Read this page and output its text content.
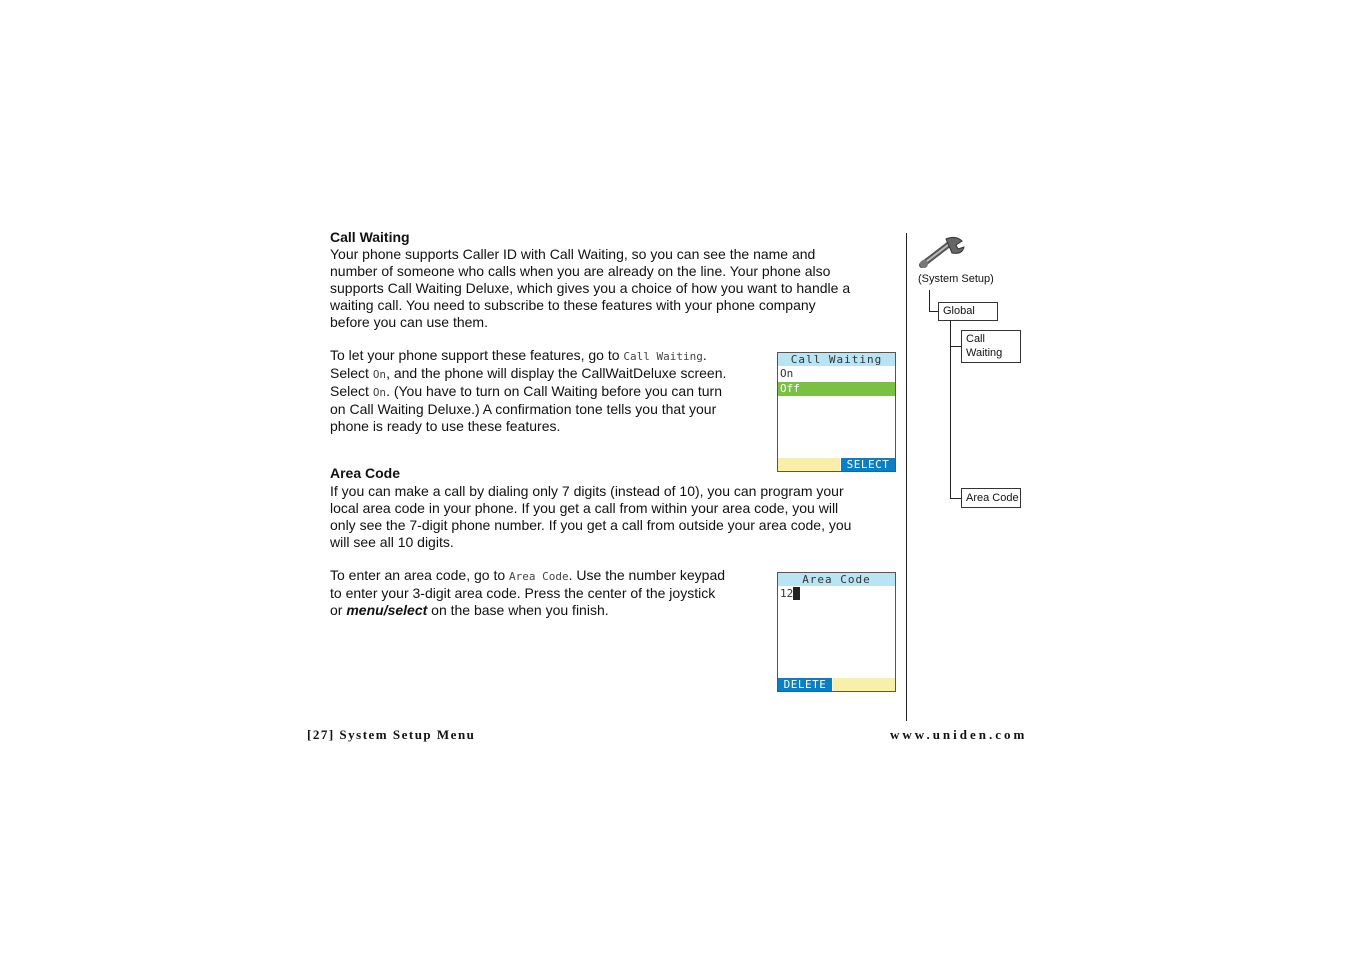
Call Waiting

Your phone supports Caller ID with Call Waiting, so you can see the name and

number of someone who calls when you are already on the line. Your phone also

supports Call Waiting Deluxe, which gives you a choice of how you want to handle a

waiting call. You need to subscribe to these features with your phone company

before you can use them.

To let your phone support these features, go to Call Waiting.

Select On, and the phone will display the CallWaitDeluxe screen.

Select On. (You have to turn on Call Waiting before you can turn

on Call Waiting Deluxe.) A confirmation tone tells you that your

phone is ready to use these features.

Call Waiting
On
Off
SELECT
Area Code

If you can make a call by dialing only 7 digits (instead of 10), you can program your

local area code in your phone. If you get a call from within your area code, you will

only see the 7-digit phone number. If you get a call from outside your area code, you

will see all 10 digits.

To enter an area code, go to Area Code. Use the number keypad

to enter your 3-digit area code. Press the center of the joystick

or menu/select on the base when you finish.

Area Code
12
DELETE
(System Setup)
Global
Call
Waiting
Area Code
[27] System Setup Menu	www.uniden.com
